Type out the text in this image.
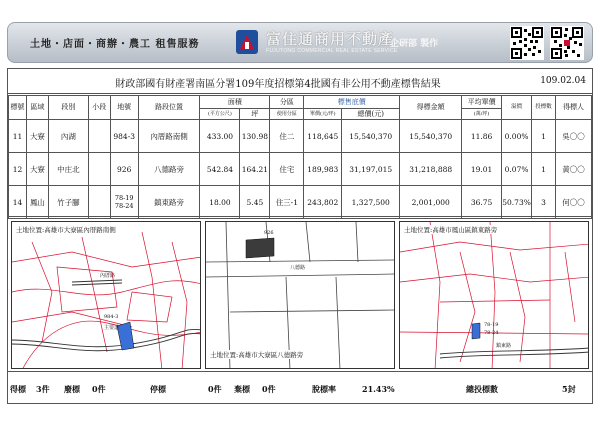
土地・店面・商辦・農工 租售服務	富住通商用不動產
FUJUTONG COMMERCIAL REAL ESTATE SERVICE
企研部 製作
財政部國有財產署南區分署109年度招標第4批國有非公用不動產標售結果	109.02.04
標號	區域	段別	小段	地號	路段位置	面積		分區	標售底價		得標金額	平均單價	溢價	投標數	得標人
						(平方公尺)	坪	使用分區	單價(元/坪)	總價(元)		(萬/坪)			
11	大寮	內湖		984-3	內厝路南側	433.00	130.98	住二	118,645	15,540,370	15,540,370	11.86	0.00%	1	吳〇〇
12	大寮	中庄北		926	八德路旁	542.84	164.21	住宅	189,983	31,197,015	31,218,888	19.01	0.07%	1	黃〇〇
14	鳳山	竹子腳		78-19 78-24	鎮東路旁	18.00	5.45	住三-1	243,802	1,327,500	2,001,000	36.75	50.73%	3	何〇〇
土地位置:高雄市大寮區內厝路南側
內厝路
984-3
主要道
八德路
926
土地位置:高雄市大寮區八德路旁
土地位置:高雄市鳳山區鎮東路旁
78-19
78-24
鎮東路
得標 3件 廢標 0件	停標	0件 棄標 0件	脫標率	21.43%	總投標數	5封
